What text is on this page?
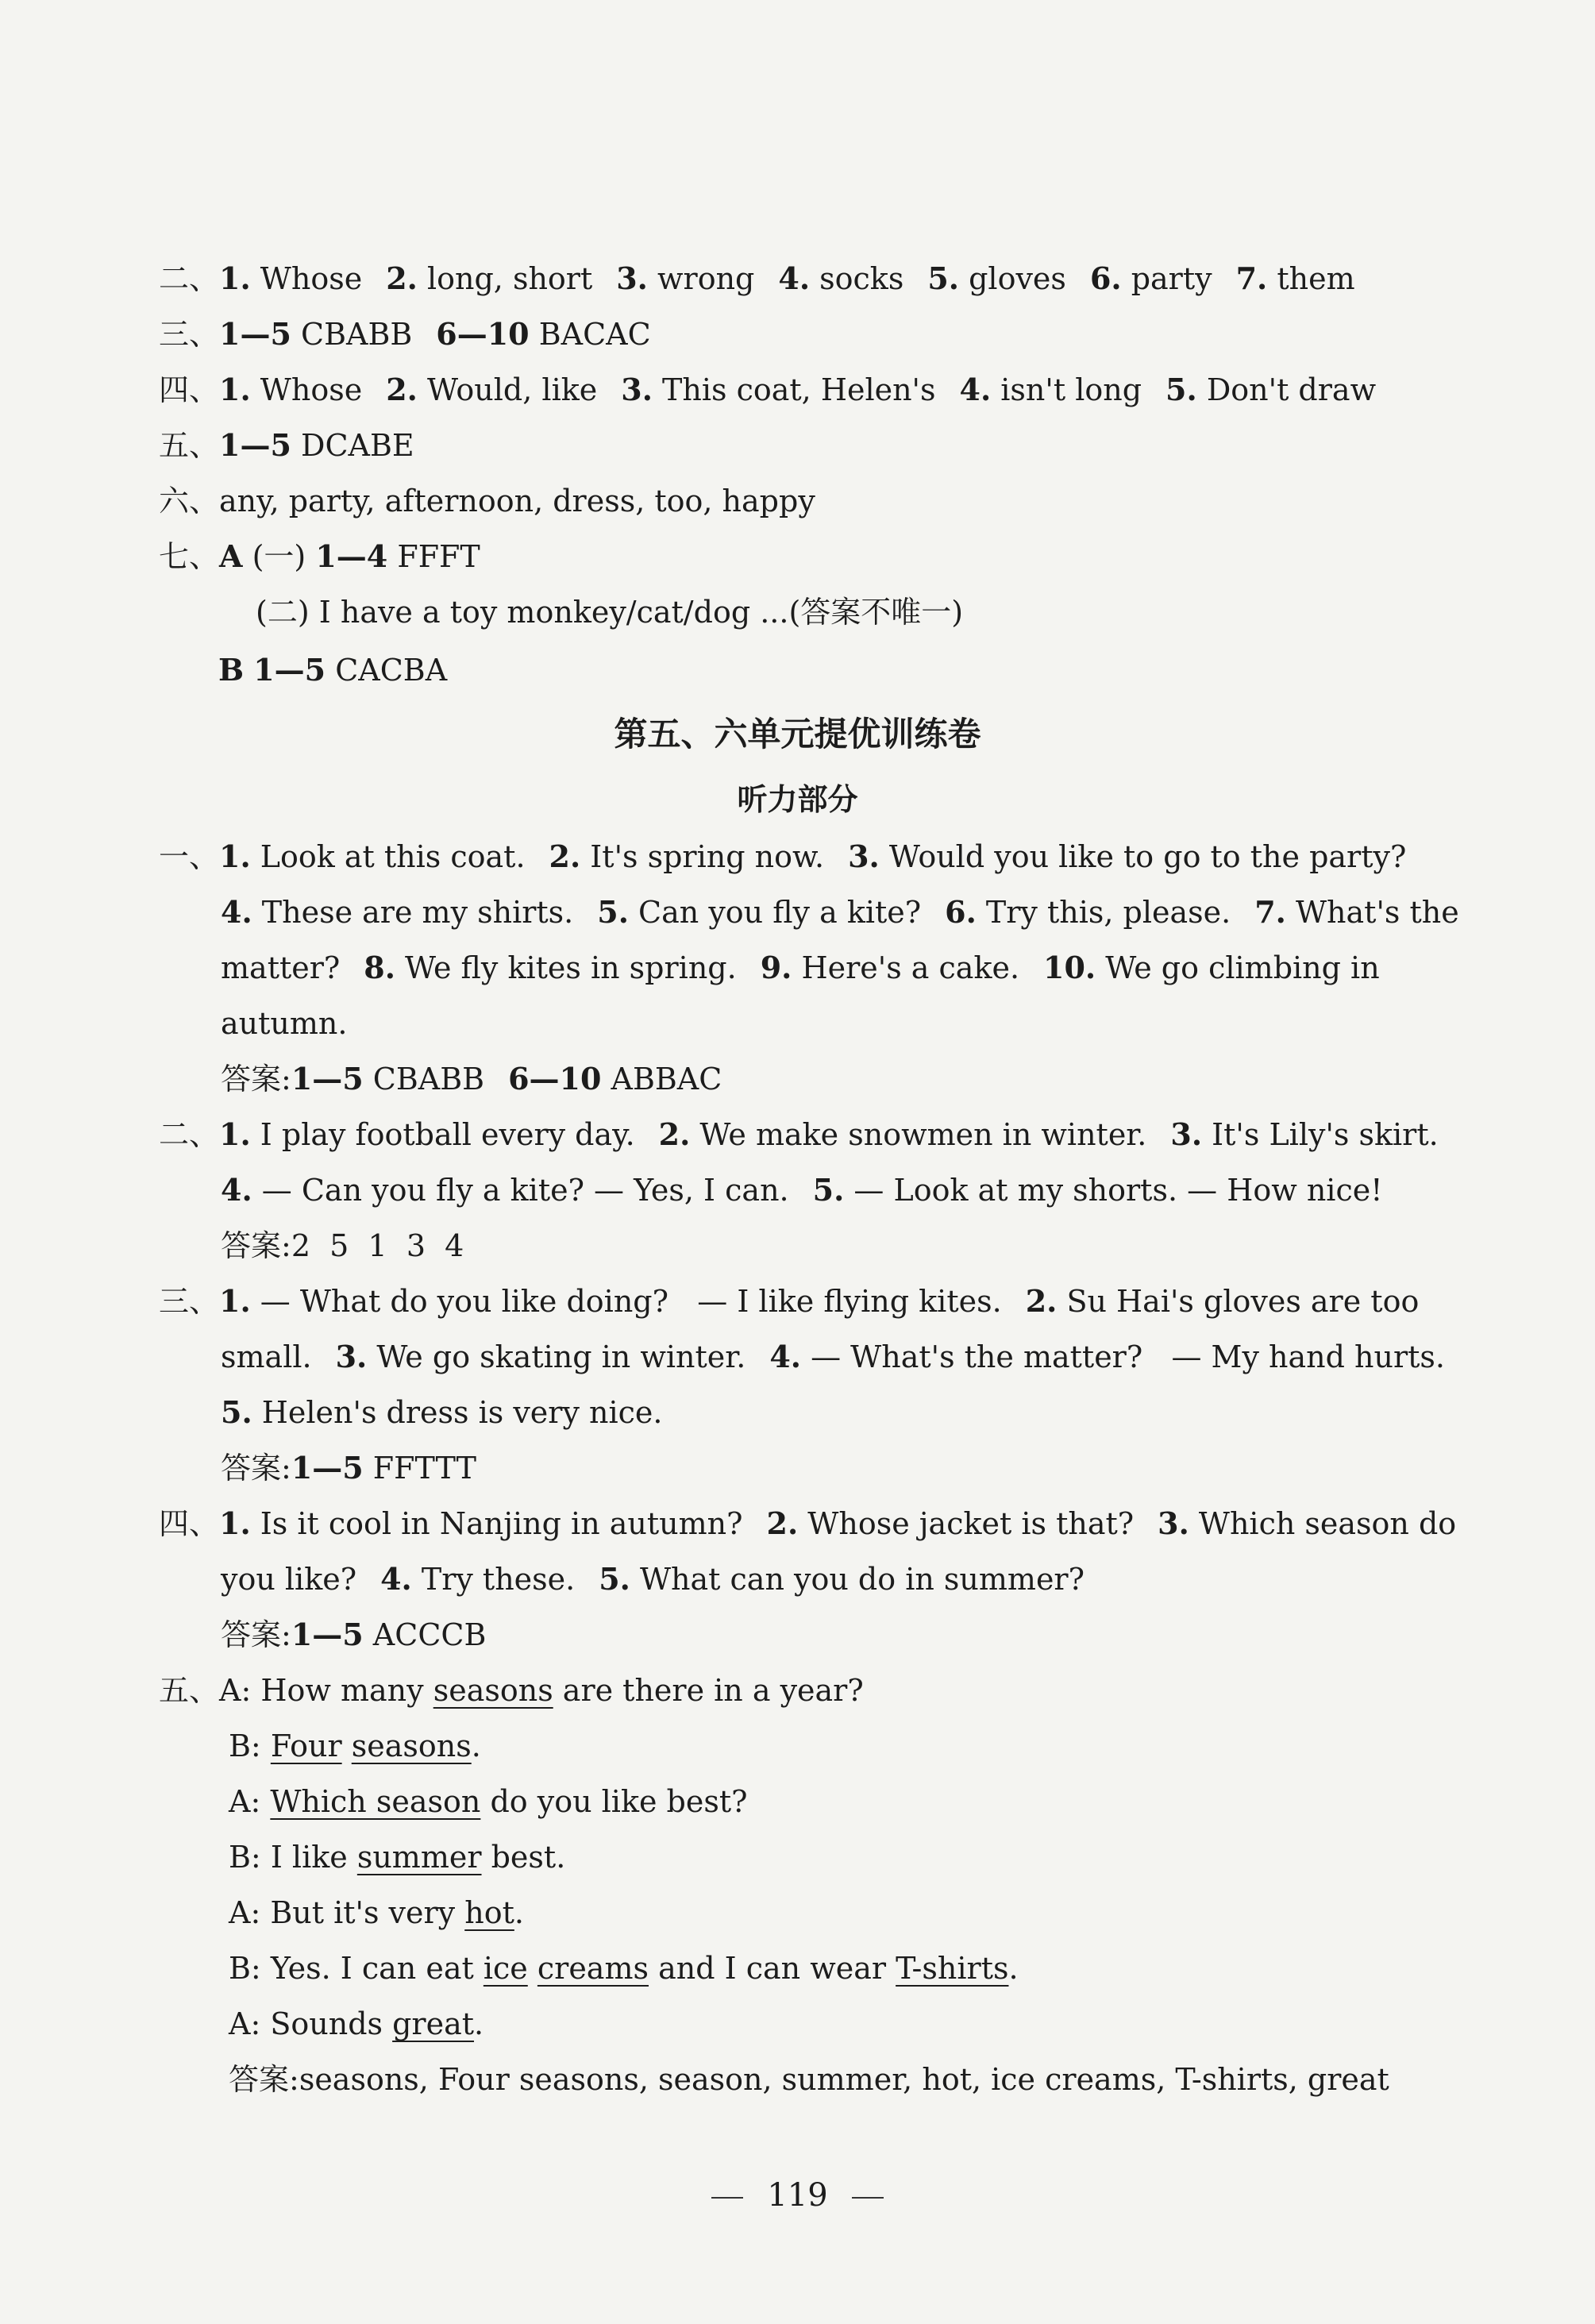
二、1. Whose 2. long, short 3. wrong 4. socks 5. gloves 6. party 7. them
三、1—5 CBABB 6—10 BACAC
四、1. Whose 2. Would, like 3. This coat, Helen's 4. isn't long 5. Don't draw
五、1—5 DCABE
六、any, party, afternoon, dress, too, happy
七、A (一) 1—4 FFFT
(二) I have a toy monkey/cat/dog ...(答案不唯一)
B 1—5 CACBA
第五、六单元提优训练卷
听力部分
一、1. Look at this coat. 2. It's spring now. 3. Would you like to go to the party?
4. These are my shirts. 5. Can you fly a kite? 6. Try this, please. 7. What's the
matter? 8. We fly kites in spring. 9. Here's a cake. 10. We go climbing in
autumn.
答案:1—5 CBABB 6—10 ABBAC
二、1. I play football every day. 2. We make snowmen in winter. 3. It's Lily's skirt.
4. — Can you fly a kite? — Yes, I can. 5. — Look at my shorts. — How nice!
答案:2  5  1  3  4
三、1. — What do you like doing?   — I like flying kites. 2. Su Hai's gloves are too
small. 3. We go skating in winter. 4. — What's the matter?   — My hand hurts.
5. Helen's dress is very nice.
答案:1—5 FFTTT
四、1. Is it cool in Nanjing in autumn? 2. Whose jacket is that? 3. Which season do
you like? 4. Try these. 5. What can you do in summer?
答案:1—5 ACCCB
五、A: How many seasons are there in a year?
B: Four seasons.
A: Which season do you like best?
B: I like summer best.
A: But it's very hot.
B: Yes. I can eat ice creams and I can wear T-shirts.
A: Sounds great.
答案:seasons, Four seasons, season, summer, hot, ice creams, T-shirts, great
119
